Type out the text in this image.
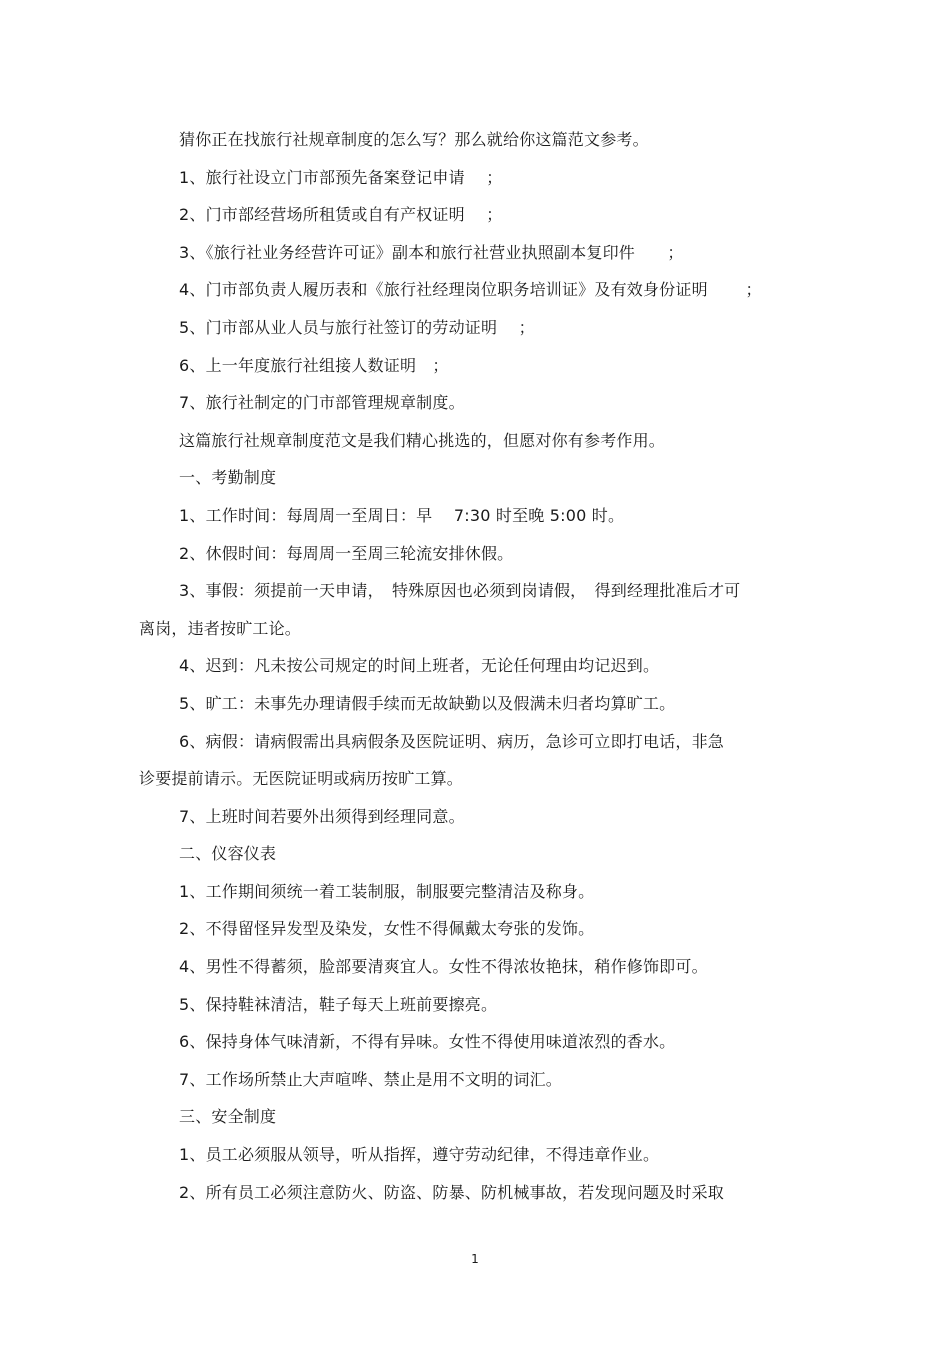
猜你正在找旅行社规章制度的怎么写？那么就给你这篇范文参考。
1、旅行社设立门市部预先备案登记申请　 ；
2、门市部经营场所租赁或自有产权证明　 ；
3、《旅行社业务经营许可证》副本和旅行社营业执照副本复印件　　；
4、门市部负责人履历表和《旅行社经理岗位职务培训证》及有效身份证明　　 ；
5、门市部从业人员与旅行社签订的劳动证明　 ；
6、上一年度旅行社组接人数证明　；
7、旅行社制定的门市部管理规章制度。
这篇旅行社规章制度范文是我们精心挑选的，但愿对你有参考作用。
一、考勤制度
1、工作时间：每周周一至周日：早　 7:30 时至晚 5:00 时。
2、休假时间：每周周一至周三轮流安排休假。
3、事假：须提前一天申请，　特殊原因也必须到岗请假，　得到经理批准后才可
离岗，违者按旷工论。
4、迟到：凡未按公司规定的时间上班者，无论任何理由均记迟到。
5、旷工：未事先办理请假手续而无故缺勤以及假满未归者均算旷工。
6、病假：请病假需出具病假条及医院证明、病历，急诊可立即打电话，非急
诊要提前请示。无医院证明或病历按旷工算。
7、上班时间若要外出须得到经理同意。
二、仪容仪表
1、工作期间须统一着工装制服，制服要完整清洁及称身。
2、不得留怪异发型及染发，女性不得佩戴太夸张的发饰。
4、男性不得蓄须，脸部要清爽宜人。女性不得浓妆艳抹，稍作修饰即可。
5、保持鞋袜清洁，鞋子每天上班前要擦亮。
6、保持身体气味清新，不得有异味。女性不得使用味道浓烈的香水。
7、工作场所禁止大声喧哗、禁止是用不文明的词汇。
三、安全制度
1、员工必须服从领导，听从指挥，遵守劳动纪律，不得违章作业。
2、所有员工必须注意防火、防盗、防暴、防机械事故，若发现问题及时采取
1
